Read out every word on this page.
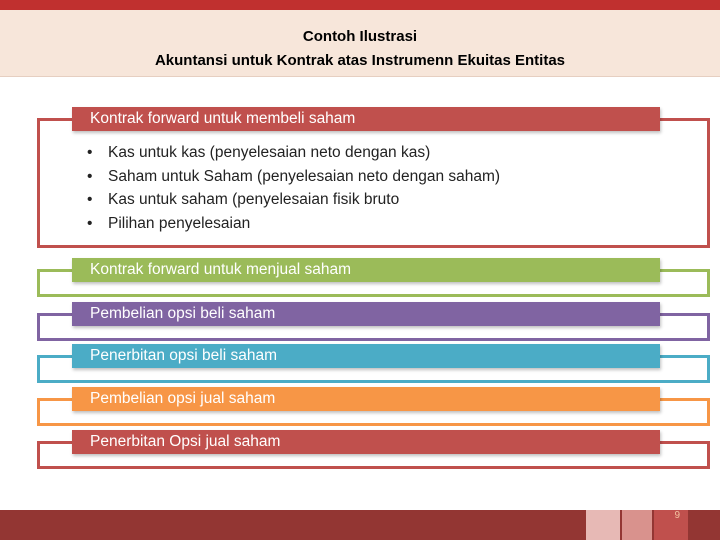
Contoh Ilustrasi
Akuntansi untuk Kontrak atas Instrumenn Ekuitas Entitas
Kontrak forward untuk membeli saham
• Kas untuk kas (penyelesaian neto dengan kas)
• Saham untuk Saham (penyelesaian neto dengan saham)
• Kas untuk saham (penyelesaian fisik bruto
• Pilihan penyelesaian
Kontrak forward untuk menjual saham
Pembelian opsi beli saham
Penerbitan opsi beli saham
Pembelian opsi jual saham
Penerbitan Opsi jual saham
9
